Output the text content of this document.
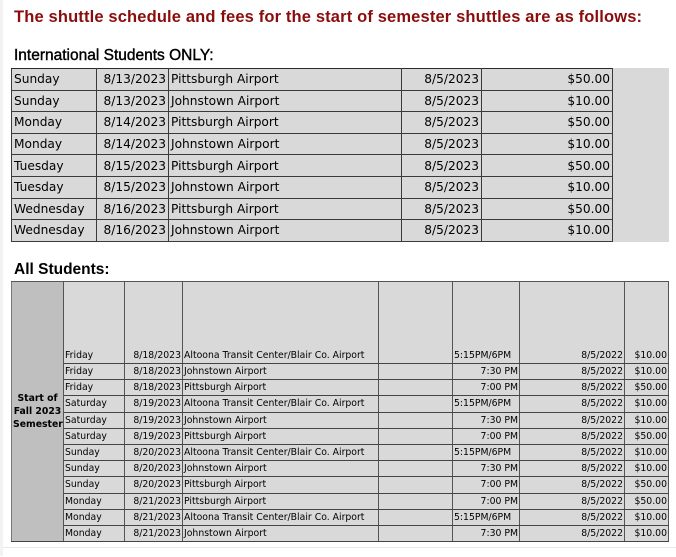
The shuttle schedule and fees for the start of semester shuttles are as follows:
International Students ONLY:
Sunday	8/13/2023	Pittsburgh Airport		8/5/2023	$50.00
Sunday	8/13/2023	Johnstown Airport		8/5/2023	$10.00
Monday	8/14/2023	Pittsburgh Airport		8/5/2023	$50.00
Monday	8/14/2023	Johnstown Airport		8/5/2023	$10.00
Tuesday	8/15/2023	Pittsburgh Airport		8/5/2023	$50.00
Tuesday	8/15/2023	Johnstown Airport		8/5/2023	$10.00
Wednesday	8/16/2023	Pittsburgh Airport		8/5/2023	$50.00
Wednesday	8/16/2023	Johnstown Airport		8/5/2023	$10.00
All Students:
Start of Fall 2023 Semester	Friday	8/18/2023	Altoona Transit Center/Blair Co. Airport		5:15PM/6PM	8/5/2022	$10.00
	Friday	8/18/2023	Johnstown Airport		7:30 PM	8/5/2022	$10.00
	Friday	8/18/2023	Pittsburgh Airport		7:00 PM	8/5/2022	$50.00
	Saturday	8/19/2023	Altoona Transit Center/Blair Co. Airport		5:15PM/6PM	8/5/2022	$10.00
	Saturday	8/19/2023	Johnstown Airport		7:30 PM	8/5/2022	$10.00
	Saturday	8/19/2023	Pittsburgh Airport		7:00 PM	8/5/2022	$50.00
	Sunday	8/20/2023	Altoona Transit Center/Blair Co. Airport		5:15PM/6PM	8/5/2022	$10.00
	Sunday	8/20/2023	Johnstown Airport		7:30 PM	8/5/2022	$10.00
	Sunday	8/20/2023	Pittsburgh Airport		7:00 PM	8/5/2022	$50.00
	Monday	8/21/2023	Pittsburgh Airport		7:00 PM	8/5/2022	$50.00
	Monday	8/21/2023	Altoona Transit Center/Blair Co. Airport		5:15PM/6PM	8/5/2022	$10.00
	Monday	8/21/2023	Johnstown Airport		7:30 PM	8/5/2022	$10.00
